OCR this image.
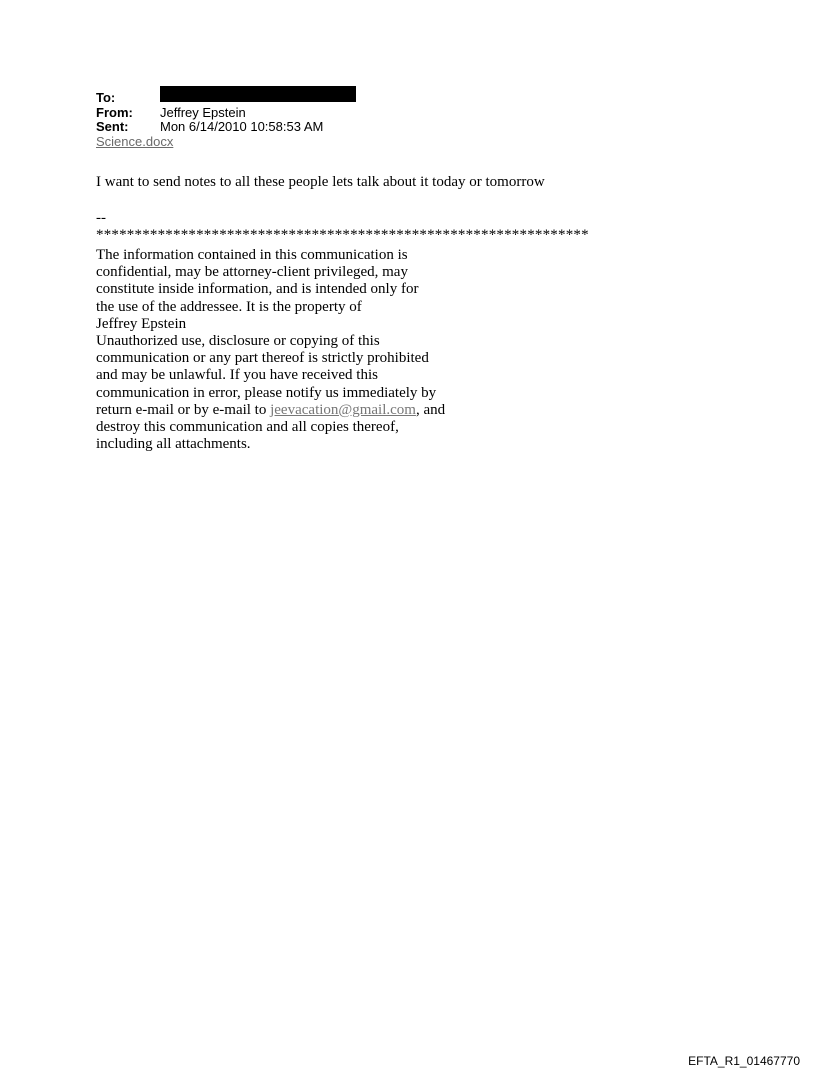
To:
From:	Jeffrey Epstein
Sent:	Mon 6/14/2010 10:58:53 AM
Science.docx

I want to send notes to all these people lets talk about it today or tomorrow

--

****************************************************************

The information contained in this communication is
confidential, may be attorney-client privileged, may
constitute inside information, and is intended only for
the use of the addressee. It is the property of
Jeffrey Epstein
Unauthorized use, disclosure or copying of this
communication or any part thereof is strictly prohibited
and may be unlawful. If you have received this
communication in error, please notify us immediately by
return e-mail or by e-mail to jeevacation@gmail.com, and
destroy this communication and all copies thereof,
including all attachments.
EFTA_R1_01467770
